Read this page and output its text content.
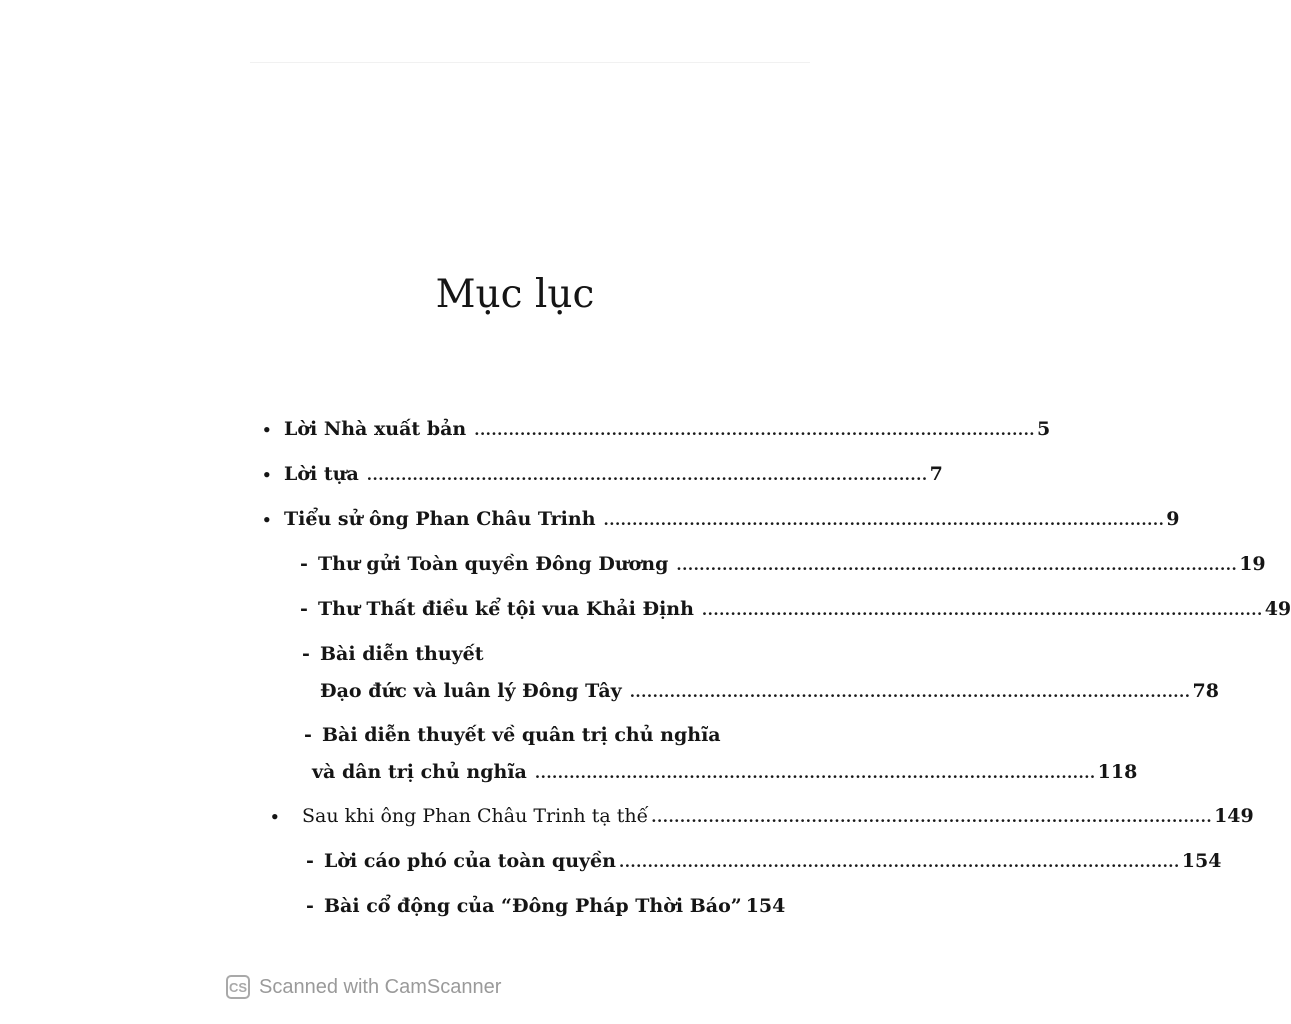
Mục lục
• Lời Nhà xuất bản .................................................................................................. 5
• Lời tựa .................................................................................................. 7
• Tiểu sử ông Phan Châu Trinh .................................................................................................. 9
- Thư gửi Toàn quyền Đông Dương .................................................................................................. 19
- Thư Thất điều kể tội vua Khải Định .................................................................................................. 49
- Bài diễn thuyết
Đạo đức và luân lý Đông Tây .................................................................................................. 78
- Bài diễn thuyết về quân trị chủ nghĩa
và dân trị chủ nghĩa .................................................................................................. 118
•	Sau khi ông Phan Châu Trinh tạ thế .................................................................................................. 149
- Lời cáo phó của toàn quyền .................................................................................................. 154
- Bài cổ động của “Đông Pháp Thời Báo” 154
CS Scanned with CamScanner
